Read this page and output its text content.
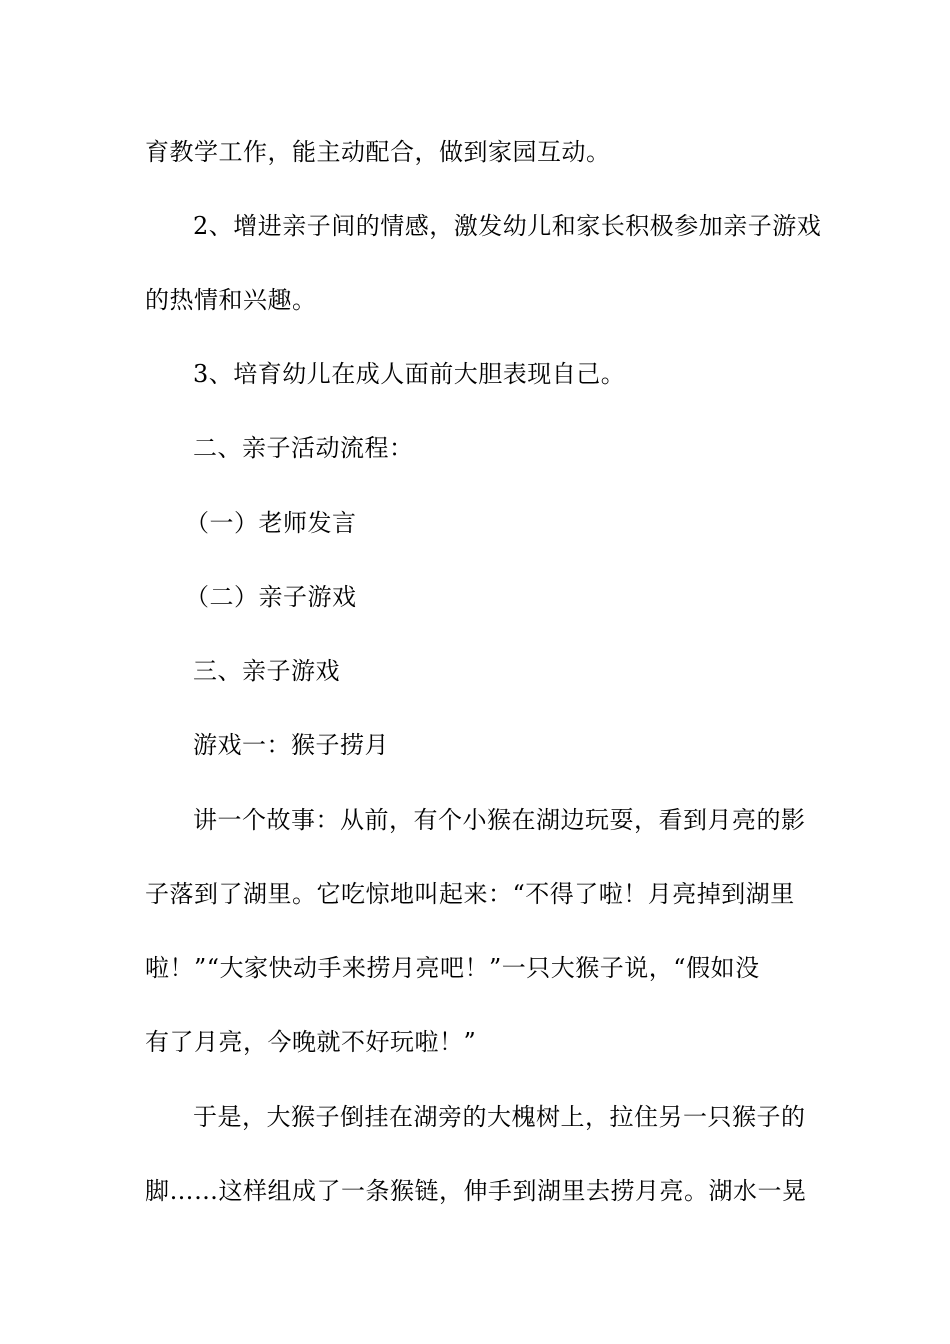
育教学工作，能主动配合，做到家园互动。
2、增进亲子间的情感，激发幼儿和家长积极参加亲子游戏
的热情和兴趣。
3、培育幼儿在成人面前大胆表现自己。
二、亲子活动流程：
（一）老师发言
（二）亲子游戏
三、亲子游戏
游戏一：猴子捞月
讲一个故事：从前，有个小猴在湖边玩耍，看到月亮的影
子落到了湖里。它吃惊地叫起来：“不得了啦！月亮掉到湖里
啦！”“大家快动手来捞月亮吧！”一只大猴子说，“假如没
有了月亮，今晚就不好玩啦！”
于是，大猴子倒挂在湖旁的大槐树上，拉住另一只猴子的
脚……这样组成了一条猴链，伸手到湖里去捞月亮。湖水一晃
